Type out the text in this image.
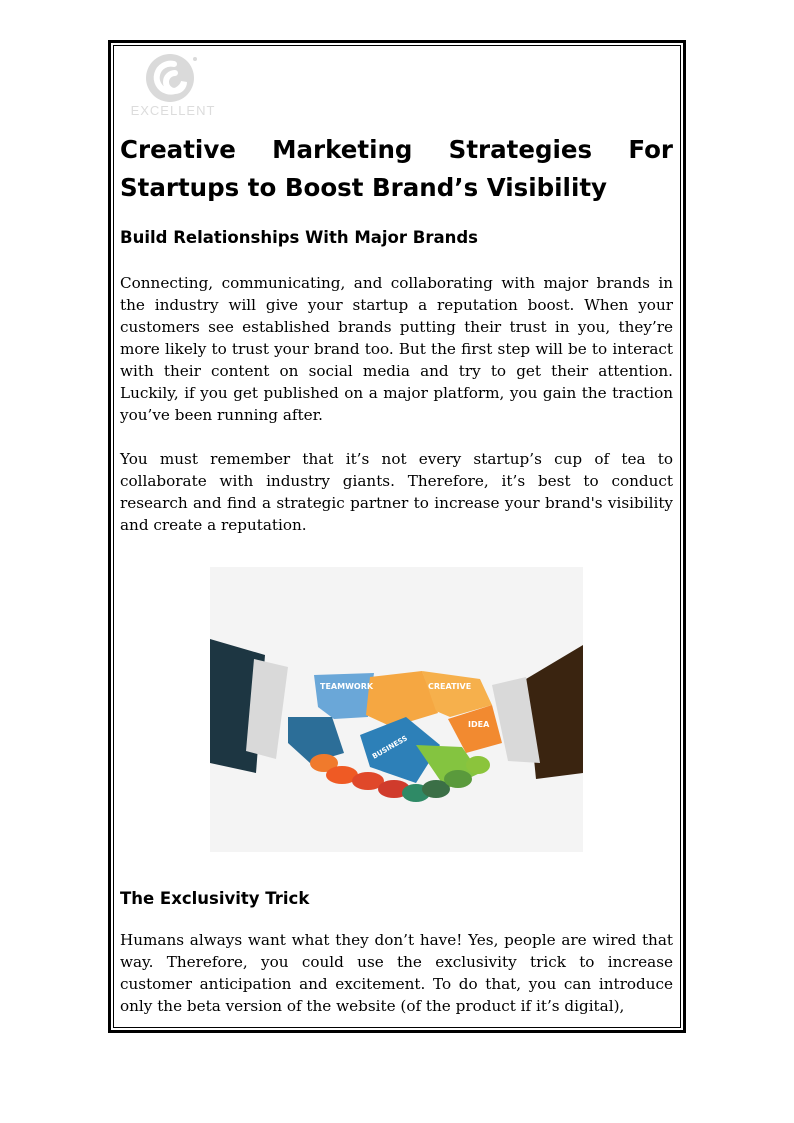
EXCELLENT
Creative Marketing Strategies For Startups to Boost Brand’s Visibility
Build Relationships With Major Brands

Connecting, communicating, and collaborating with major brands in the industry will give your startup a reputation boost. When your customers see established brands putting their trust in you, they’re more likely to trust your brand too. But the first step will be to interact with their content on social media and try to get their attention. Luckily, if you get published on a major platform, you gain the traction you’ve been running after.

You must remember that it’s not every startup’s cup of tea to collaborate with industry giants. Therefore, it’s best to conduct research and find a strategic partner to increase your brand's visibility and create a reputation.

TEAMWORK	CREATIVE
IDEA
BUSINESS
The Exclusivity Trick

Humans always want what they don’t have! Yes, people are wired that way. Therefore, you could use the exclusivity trick to increase customer anticipation and excitement. To do that, you can introduce only the beta version of the website (of the product if it’s digital),
